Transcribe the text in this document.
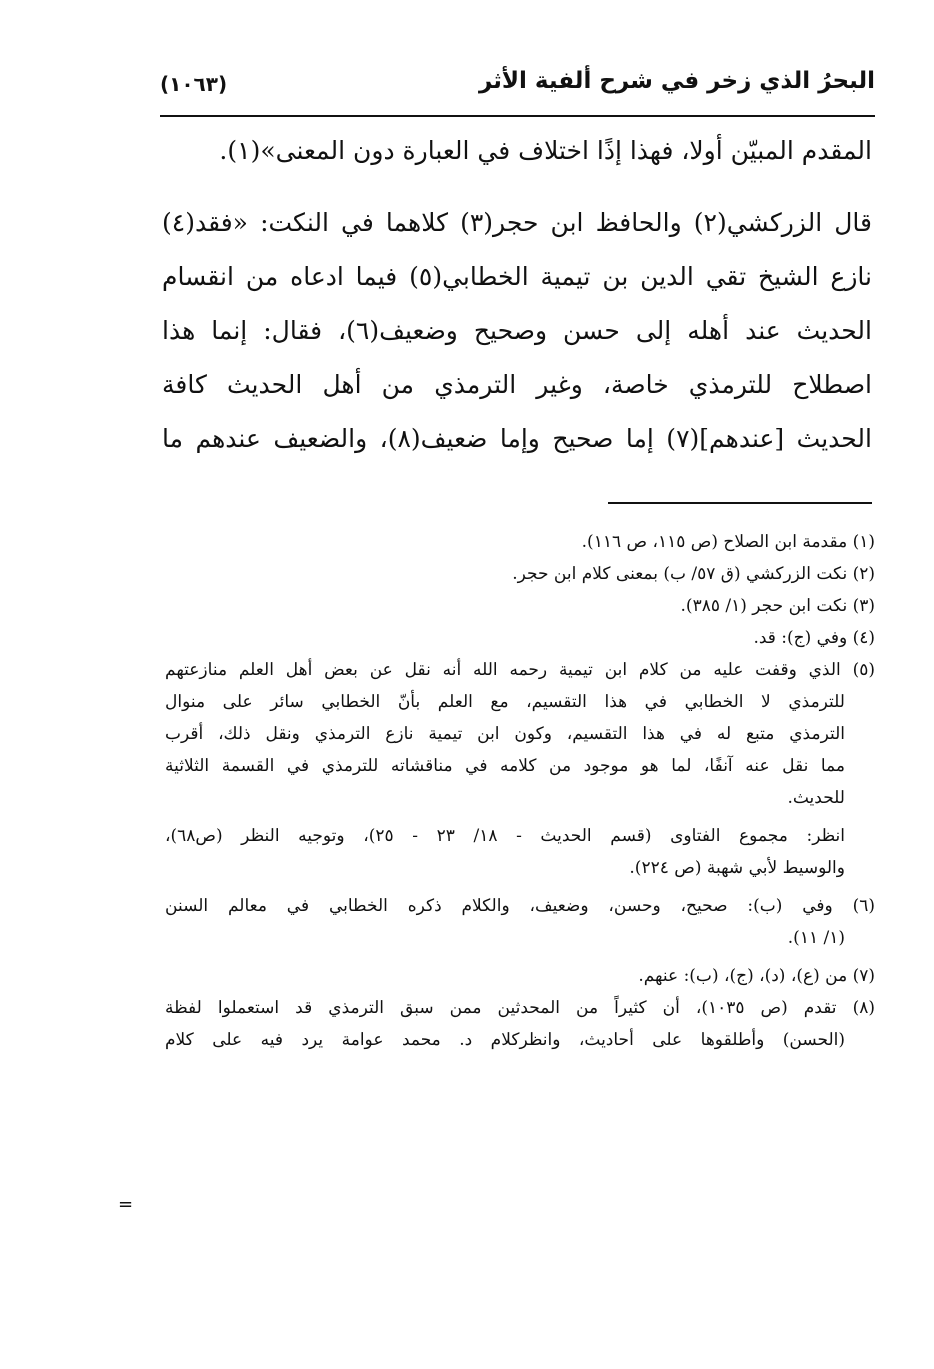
البحرُ الذي زخر في شرح ألفية الأثر
(١٠٦٣)
المقدم المبيّن أولا، فهذا إذًا اختلاف في العبارة دون المعنى»(١).
قال الزركشي(٢) والحافظ ابن حجر(٣) كلاهما في النكت: «فقد(٤)
نازع الشيخ تقي الدين بن تيمية الخطابي(٥) فيما ادعاه من انقسام
الحديث عند أهله إلى حسن وصحيح وضعيف(٦)، فقال: إنما هذا
اصطلاح للترمذي خاصة، وغير الترمذي من أهل الحديث كافة
الحديث [عندهم](٧) إما صحيح وإما ضعيف(٨)، والضعيف عندهم ما
(١) مقدمة ابن الصلاح (ص ١١٥، ص ١١٦).
(٢) نكت الزركشي (ق ٥٧/ ب) بمعنى كلام ابن حجر.
(٣) نكت ابن حجر (١/ ٣٨٥).
(٤) وفي (ج): قد.
(٥) الذي وقفت عليه من كلام ابن تيمية رحمه الله أنه نقل عن بعض أهل العلم منازعتهم
للترمذي لا الخطابي في هذا التقسيم، مع العلم بأنّ الخطابي سائر على منوال
الترمذي متبع له في هذا التقسيم، وكون ابن تيمية نازع الترمذي ونقل ذلك، أقرب
مما نقل عنه آنفًا، لما هو موجود من كلامه في مناقشاته للترمذي في القسمة الثلاثية
للحديث.
انظر: مجموع الفتاوى (قسم الحديث - ١٨/ ٢٣ - ٢٥)، وتوجيه النظر (ص٦٨)،
والوسيط لأبي شهبة (ص ٢٢٤).
(٦) وفي (ب): صحيح، وحسن، وضعيف، والكلام ذكره الخطابي في معالم السنن
(١/ ١١).
(٧) من (ع)، (د)، (ج)، (ب): عنهم.
(٨) تقدم (ص ١٠٣٥)، أن كثيراً من المحدثين ممن سبق الترمذي قد استعملوا لفظة
(الحسن) وأطلقوها على أحاديث، وانظركلام د. محمد عوامة يرد فيه على كلام
=
